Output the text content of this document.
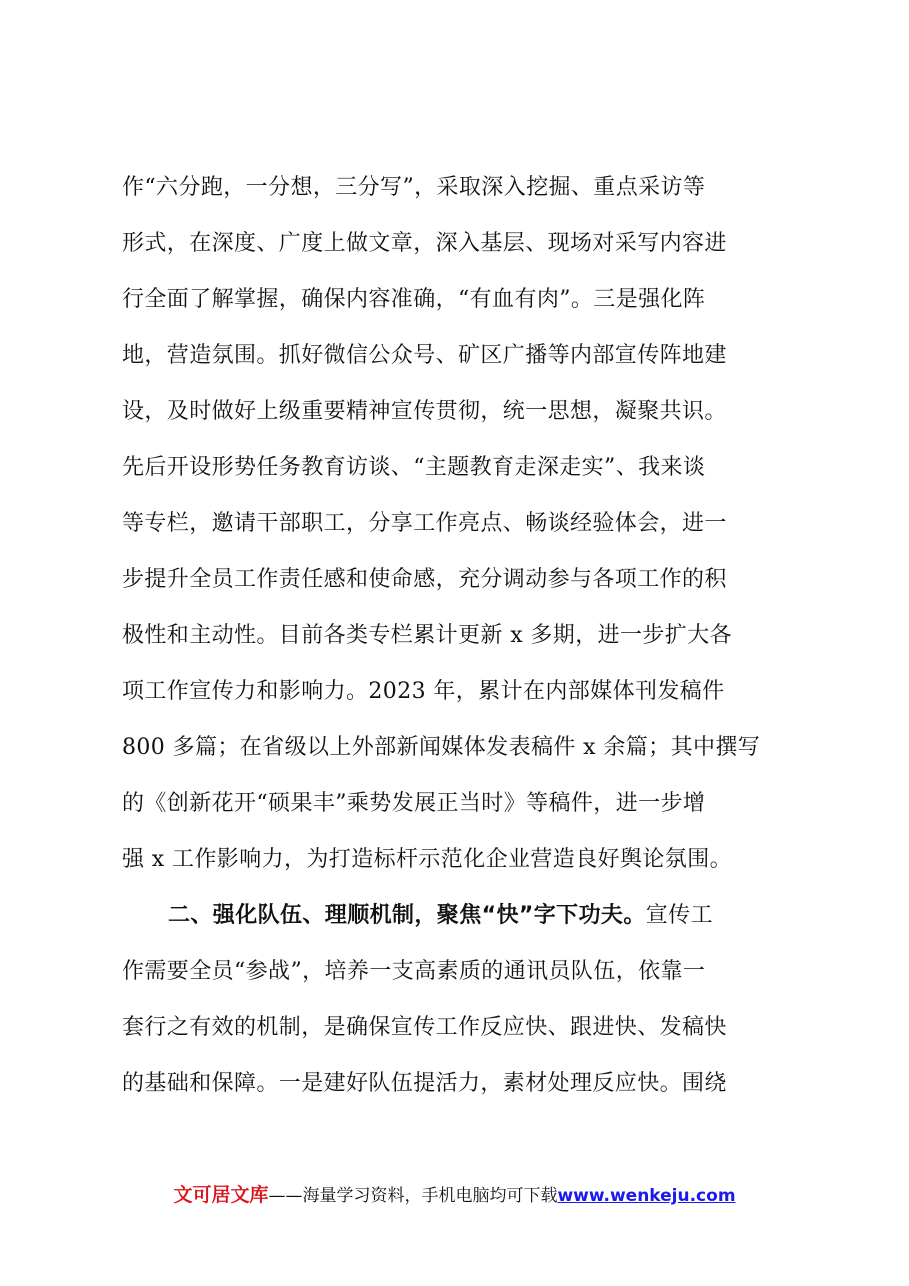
作“六分跑，一分想，三分写”，采取深入挖掘、重点采访等
形式，在深度、广度上做文章，深入基层、现场对采写内容进
行全面了解掌握，确保内容准确，“有血有肉”。三是强化阵
地，营造氛围。抓好微信公众号、矿区广播等内部宣传阵地建
设，及时做好上级重要精神宣传贯彻，统一思想，凝聚共识。
先后开设形势任务教育访谈、“主题教育走深走实”、我来谈
等专栏，邀请干部职工，分享工作亮点、畅谈经验体会，进一
步提升全员工作责任感和使命感，充分调动参与各项工作的积
极性和主动性。目前各类专栏累计更新 x 多期，进一步扩大各
项工作宣传力和影响力。2023 年，累计在内部媒体刊发稿件
800 多篇；在省级以上外部新闻媒体发表稿件 x 余篇；其中撰写
的《创新花开“硕果丰”乘势发展正当时》等稿件，进一步增
强 x 工作影响力，为打造标杆示范化企业营造良好舆论氛围。
二、强化队伍、理顺机制，聚焦“快”字下功夫。宣传工
作需要全员“参战”，培养一支高素质的通讯员队伍，依靠一
套行之有效的机制，是确保宣传工作反应快、跟进快、发稿快
的基础和保障。一是建好队伍提活力，素材处理反应快。围绕
文可居文库——海量学习资料，手机电脑均可下载www.wenkeju.com
